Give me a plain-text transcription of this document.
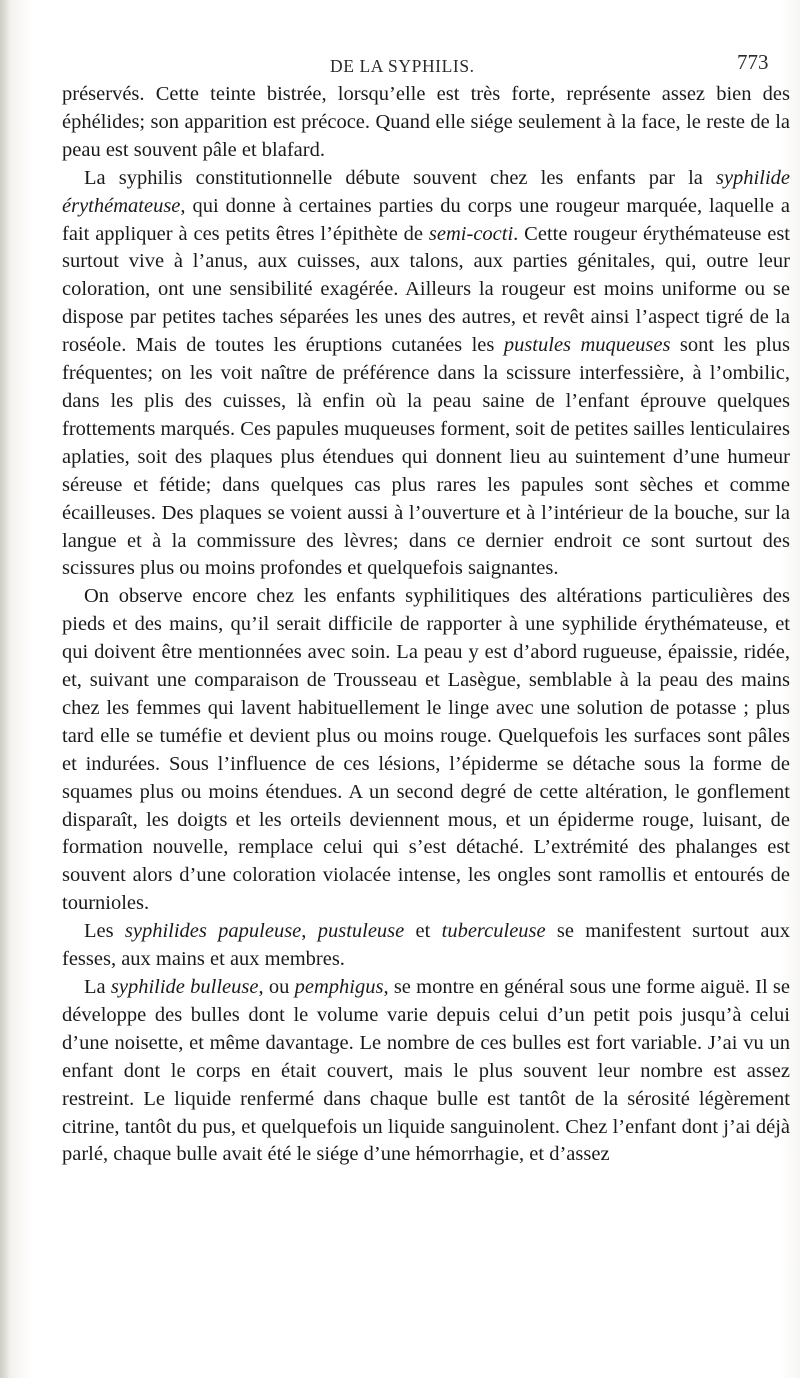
DE LA SYPHILIS.	773

préservés. Cette teinte bistrée, lorsqu’elle est très forte, représente assez bien des éphélides; son apparition est précoce. Quand elle siége seulement à la face, le reste de la peau est souvent pâle et blafard.

La syphilis constitutionnelle débute souvent chez les enfants par la syphilide érythémateuse, qui donne à certaines parties du corps une rougeur marquée, laquelle a fait appliquer à ces petits êtres l’épithète de semi-cocti. Cette rougeur érythémateuse est surtout vive à l’anus, aux cuisses, aux talons, aux parties génitales, qui, outre leur coloration, ont une sensibilité exagérée. Ailleurs la rougeur est moins uniforme ou se dispose par petites taches séparées les unes des autres, et revêt ainsi l’aspect tigré de la roséole. Mais de toutes les éruptions cutanées les pustules muqueuses sont les plus fréquentes; on les voit naître de préférence dans la scissure interfessière, à l’ombilic, dans les plis des cuisses, là enfin où la peau saine de l’enfant éprouve quelques frottements marqués. Ces papules muqueuses forment, soit de petites sailles lenticulaires aplaties, soit des plaques plus étendues qui donnent lieu au suintement d’une humeur séreuse et fétide; dans quelques cas plus rares les papules sont sèches et comme écailleuses. Des plaques se voient aussi à l’ouverture et à l’intérieur de la bouche, sur la langue et à la commissure des lèvres; dans ce dernier endroit ce sont surtout des scissures plus ou moins profondes et quelquefois saignantes.

On observe encore chez les enfants syphilitiques des altérations particulières des pieds et des mains, qu’il serait difficile de rapporter à une syphilide érythémateuse, et qui doivent être mentionnées avec soin. La peau y est d’abord rugueuse, épaissie, ridée, et, suivant une comparaison de Trousseau et Lasègue, semblable à la peau des mains chez les femmes qui lavent habituellement le linge avec une solution de potasse ; plus tard elle se tuméfie et devient plus ou moins rouge. Quelquefois les surfaces sont pâles et indurées. Sous l’influence de ces lésions, l’épiderme se détache sous la forme de squames plus ou moins étendues. A un second degré de cette altération, le gonflement disparaît, les doigts et les orteils deviennent mous, et un épiderme rouge, luisant, de formation nouvelle, remplace celui qui s’est détaché. L’extrémité des phalanges est souvent alors d’une coloration violacée intense, les ongles sont ramollis et entourés de tournioles.

Les syphilides papuleuse, pustuleuse et tuberculeuse se manifestent surtout aux fesses, aux mains et aux membres.

La syphilide bulleuse, ou pemphigus, se montre en général sous une forme aiguë. Il se développe des bulles dont le volume varie depuis celui d’un petit pois jusqu’à celui d’une noisette, et même davantage. Le nombre de ces bulles est fort variable. J’ai vu un enfant dont le corps en était couvert, mais le plus souvent leur nombre est assez restreint. Le liquide renfermé dans chaque bulle est tantôt de la sérosité légèrement citrine, tantôt du pus, et quelquefois un liquide sanguinolent. Chez l’enfant dont j’ai déjà parlé, chaque bulle avait été le siége d’une hémorrhagie, et d’assez
